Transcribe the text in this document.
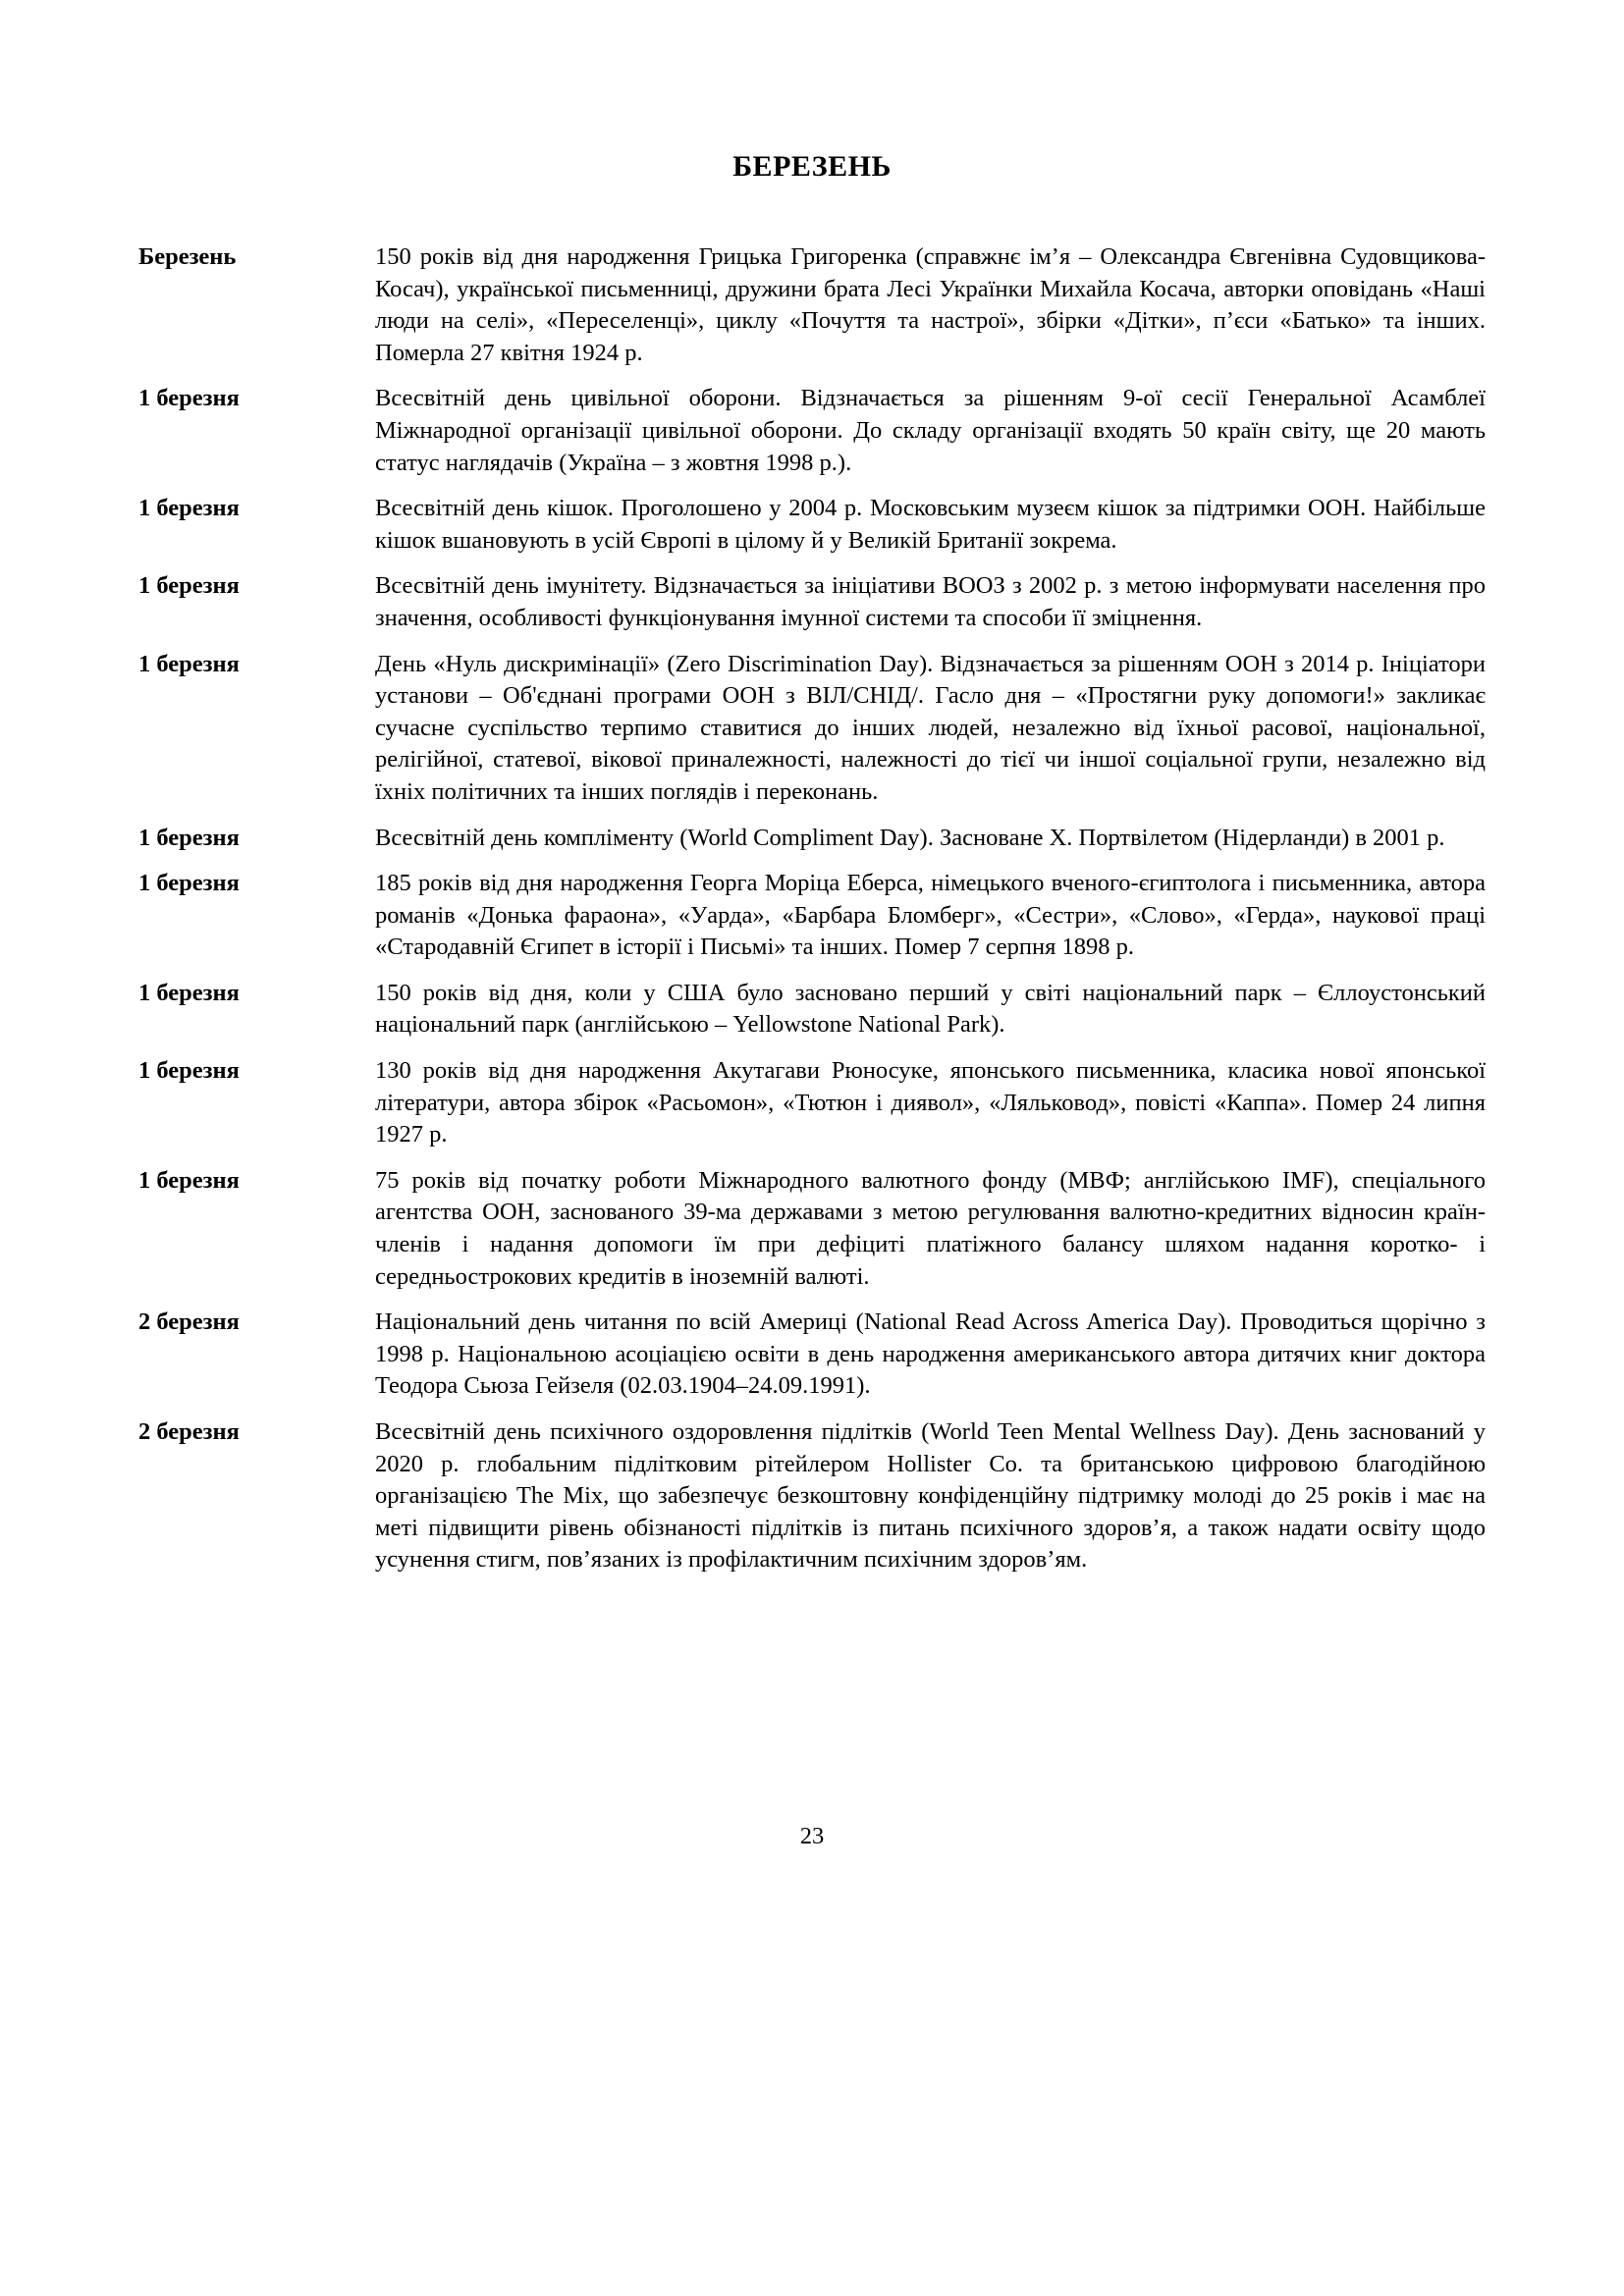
БЕРЕЗЕНЬ
Березень	150 років від дня народження Грицька Григоренка (справжнє ім’я – Олександра Євгенівна Судовщикова-Косач), української письменниці, дружини брата Лесі Українки Михайла Косача, авторки оповідань «Наші люди на селі», «Переселенці», циклу «Почуття та настрої», збірки «Дітки», п’єси «Батько» та інших. Померла 27 квітня 1924 р.
1 березня	Всесвітній день цивільної оборони. Відзначається за рішенням 9-ої сесії Генеральної Асамблеї Міжнародної організації цивільної оборони. До складу організації входять 50 країн світу, ще 20 мають статус наглядачів (Україна – з жовтня 1998 р.).
1 березня	Всесвітній день кішок. Проголошено у 2004 р. Московським музеєм кішок за підтримки ООН. Найбільше кішок вшановують в усій Європі в цілому й у Великій Британії зокрема.
1 березня	Всесвітній день імунітету. Відзначається за ініціативи ВООЗ з 2002 р. з метою інформувати населення про значення, особливості функціонування імунної системи та способи її зміцнення.
1 березня	День «Нуль дискримінації» (Zero Discrimination Day). Відзначається за рішенням ООН з 2014 р. Ініціатори установи – Об'єднані програми ООН з ВІЛ/СНІД/. Гасло дня – «Простягни руку допомоги!» закликає сучасне суспільство терпимо ставитися до інших людей, незалежно від їхньої расової, національної, релігійної, статевої, вікової приналежності, належності до тієї чи іншої соціальної групи, незалежно від їхніх політичних та інших поглядів і переконань.
1 березня	Всесвітній день компліменту (World Compliment Day). Засноване Х. Портвілетом (Нідерланди) в 2001 р.
1 березня	185 років від дня народження Георга Моріца Еберса, німецького вченого-єгиптолога і письменника, автора романів «Донька фараона», «Уарда», «Барбара Бломберг», «Сестри», «Слово», «Герда», наукової праці «Стародавній Єгипет в історії і Письмі» та інших. Помер 7 серпня 1898 р.
1 березня	150 років від дня, коли у США було засновано перший у світі національний парк – Єллоустонський національний парк (англійською – Yellowstone National Park).
1 березня	130 років від дня народження Акутагави Рюносуке, японського письменника, класика нової японської літератури, автора збірок «Расьомон», «Тютюн і диявол», «Ляльковод», повісті «Каппа». Помер 24 липня 1927 р.
1 березня	75 років від початку роботи Міжнародного валютного фонду (МВФ; англійською IMF), спеціального агентства ООН, заснованого 39-ма державами з метою регулювання валютно-кредитних відносин країн-членів і надання допомоги їм при дефіциті платіжного балансу шляхом надання коротко- і середньострокових кредитів в іноземній валюті.
2 березня	Національний день читання по всій Америці (National Read Across America Day). Проводиться щорічно з 1998 р. Національною асоціацією освіти в день народження американського автора дитячих книг доктора Теодора Сьюза Гейзеля (02.03.1904–24.09.1991).
2 березня	Всесвітній день психічного оздоровлення підлітків (World Teen Mental Wellness Day). День заснований у 2020 р. глобальним підлітковим рітейлером Hollister Co. та британською цифровою благодійною організацією The Mix, що забезпечує безкоштовну конфіденційну підтримку молоді до 25 років і має на меті підвищити рівень обізнаності підлітків із питань психічного здоров’я, а також надати освіту щодо усунення стигм, пов’язаних із профілактичним психічним здоров’ям.
23
